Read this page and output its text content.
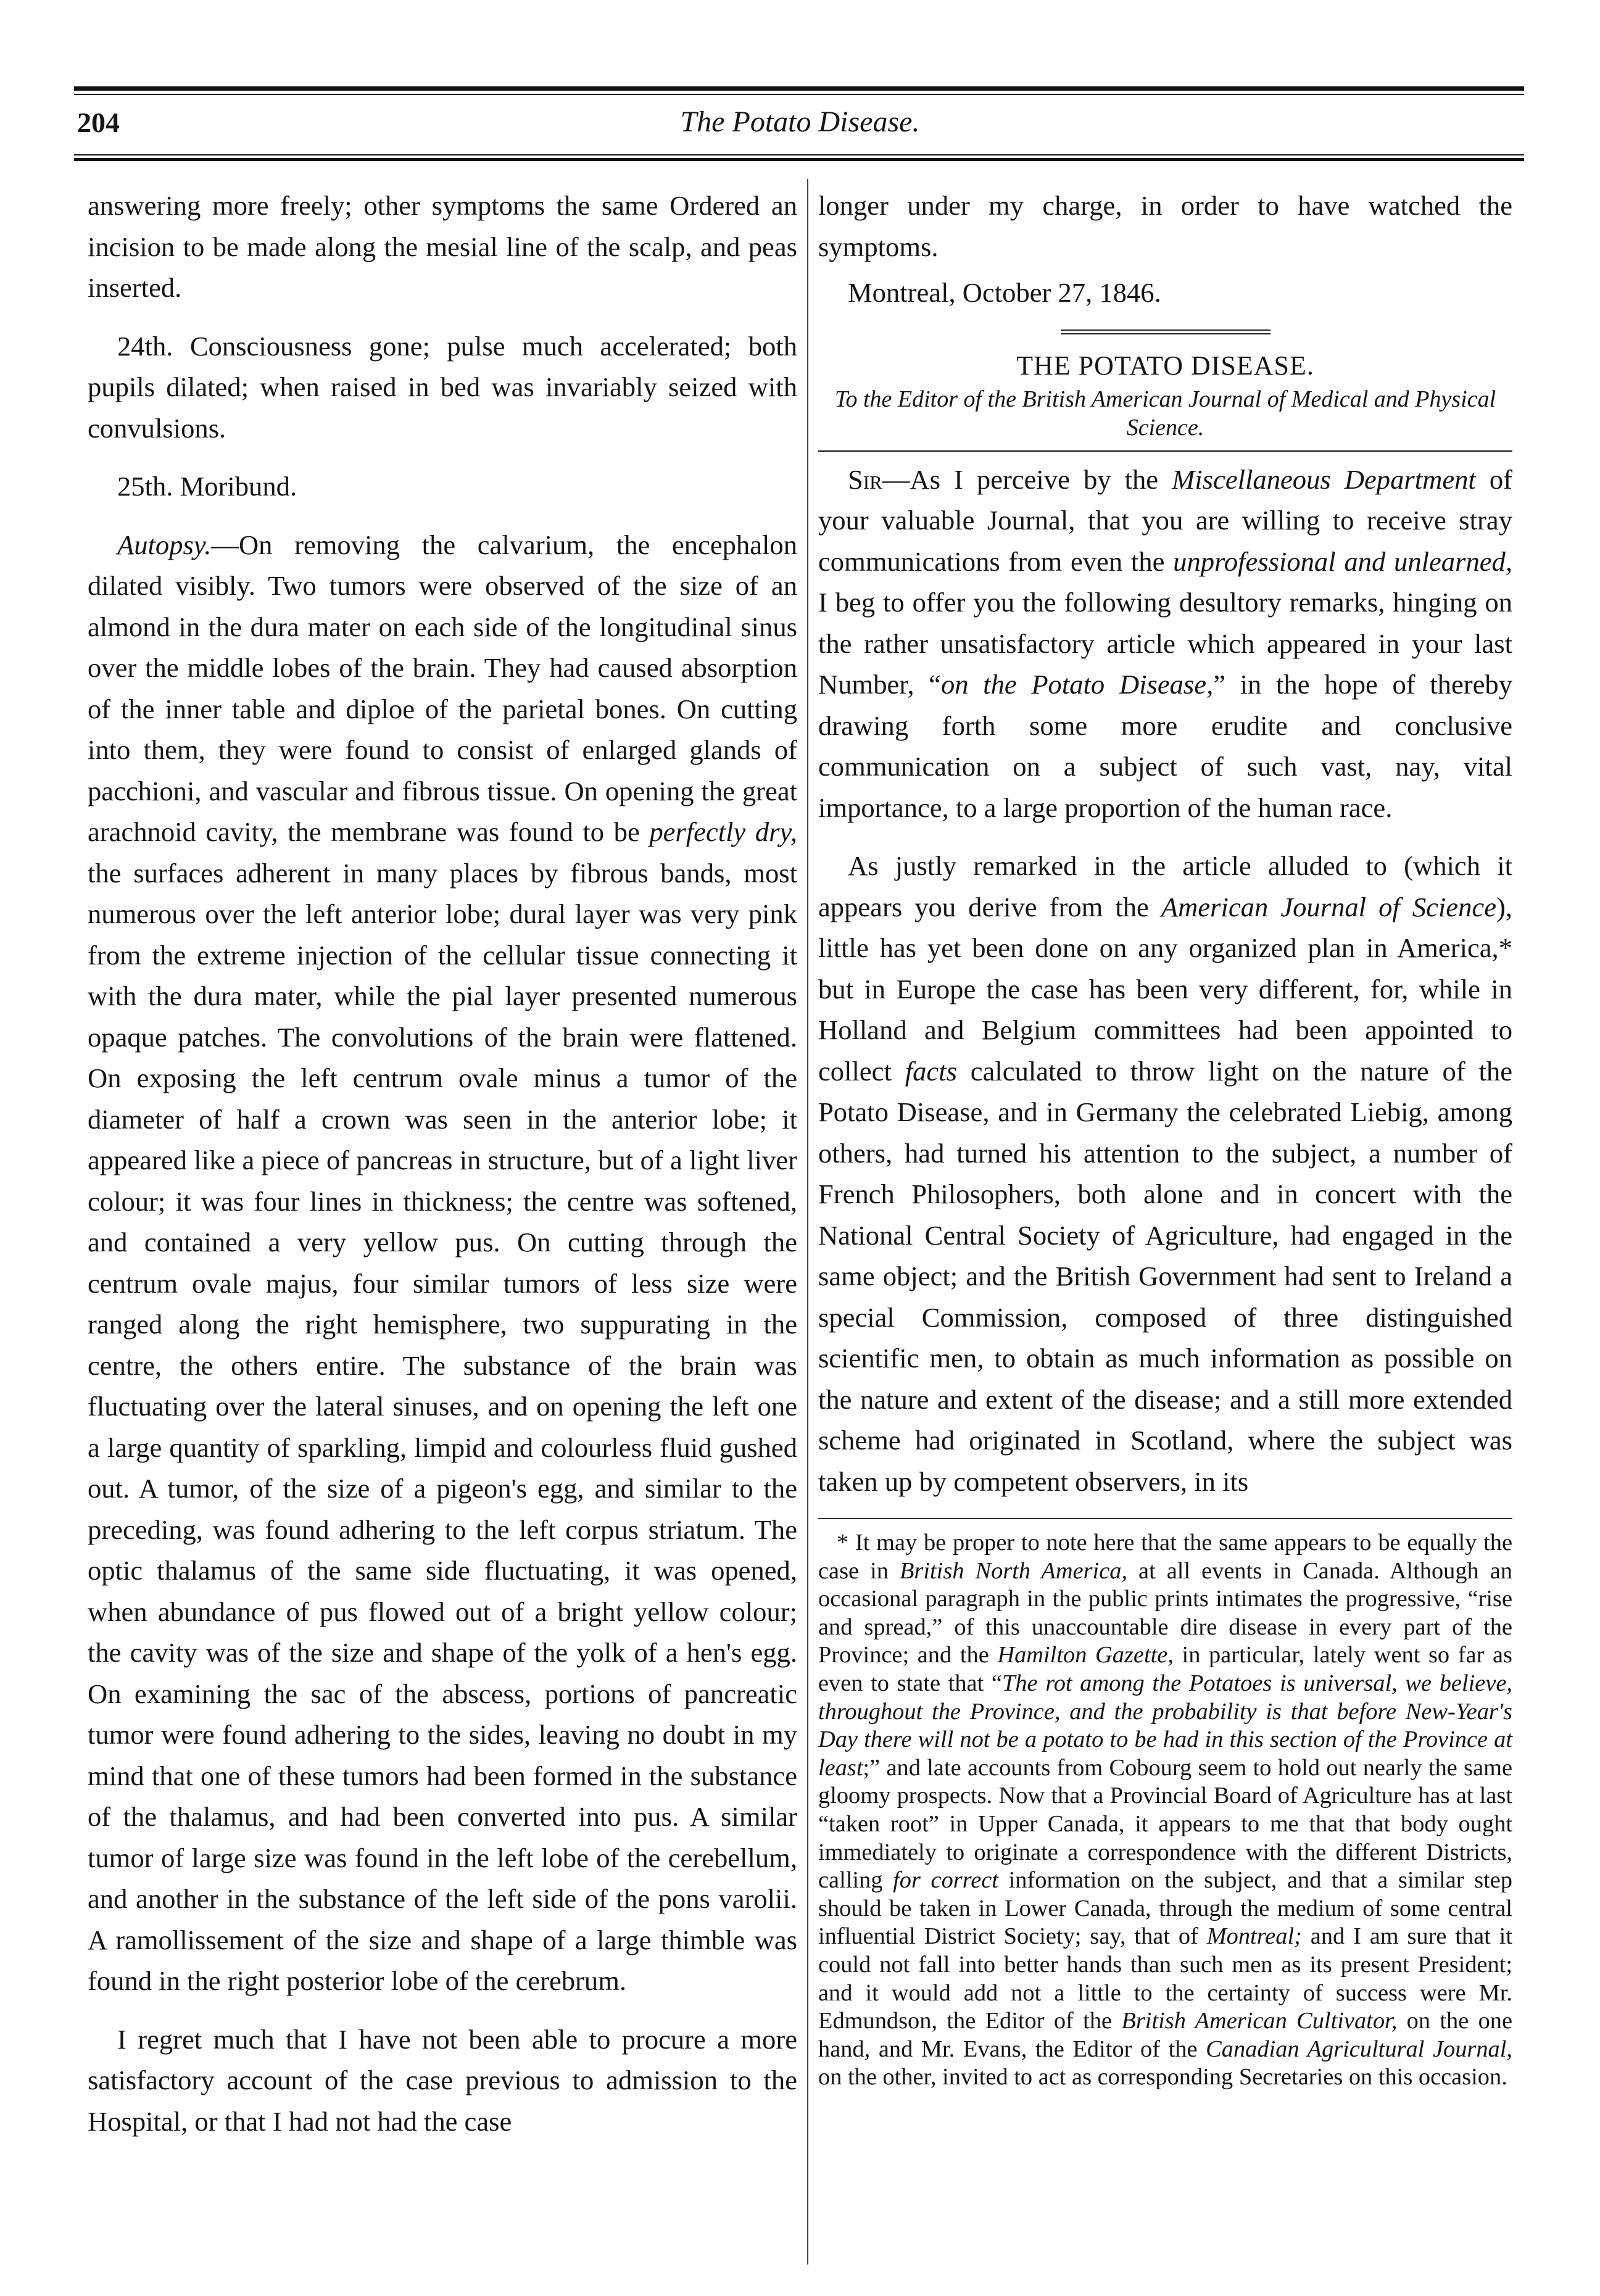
204	The Potato Disease.

answering more freely; other symptoms the same Ordered an incision to be made along the mesial line of the scalp, and peas inserted.

24th. Consciousness gone; pulse much accelerated; both pupils dilated; when raised in bed was invariably seized with convulsions.

25th. Moribund.

Autopsy.—On removing the calvarium, the encephalon dilated visibly. Two tumors were observed of the size of an almond in the dura mater on each side of the longitudinal sinus over the middle lobes of the brain. They had caused absorption of the inner table and diploe of the parietal bones. On cutting into them, they were found to consist of enlarged glands of pacchioni, and vascular and fibrous tissue. On opening the great arachnoid cavity, the membrane was found to be perfectly dry, the surfaces adherent in many places by fibrous bands, most numerous over the left anterior lobe; dural layer was very pink from the extreme injection of the cellular tissue connecting it with the dura mater, while the pial layer presented numerous opaque patches. The convolutions of the brain were flattened. On exposing the left centrum ovale minus a tumor of the diameter of half a crown was seen in the anterior lobe; it appeared like a piece of pancreas in structure, but of a light liver colour; it was four lines in thickness; the centre was softened, and contained a very yellow pus. On cutting through the centrum ovale majus, four similar tumors of less size were ranged along the right hemisphere, two suppurating in the centre, the others entire. The substance of the brain was fluctuating over the lateral sinuses, and on opening the left one a large quantity of sparkling, limpid and colourless fluid gushed out. A tumor, of the size of a pigeon's egg, and similar to the preceding, was found adhering to the left corpus striatum. The optic thalamus of the same side fluctuating, it was opened, when abundance of pus flowed out of a bright yellow colour; the cavity was of the size and shape of the yolk of a hen's egg. On examining the sac of the abscess, portions of pancreatic tumor were found adhering to the sides, leaving no doubt in my mind that one of these tumors had been formed in the substance of the thalamus, and had been converted into pus. A similar tumor of large size was found in the left lobe of the cerebellum, and another in the substance of the left side of the pons varolii. A ramollissement of the size and shape of a large thimble was found in the right posterior lobe of the cerebrum.

I regret much that I have not been able to procure a more satisfactory account of the case previous to admission to the Hospital, or that I had not had the case

longer under my charge, in order to have watched the symptoms.

Montreal, October 27, 1846.

THE POTATO DISEASE.

To the Editor of the British American Journal of Medical and Physical Science.

Sir—As I perceive by the Miscellaneous Department of your valuable Journal, that you are willing to receive stray communications from even the unprofessional and unlearned, I beg to offer you the following desultory remarks, hinging on the rather unsatisfactory article which appeared in your last Number, “on the Potato Disease,” in the hope of thereby drawing forth some more erudite and conclusive communication on a subject of such vast, nay, vital importance, to a large proportion of the human race.

As justly remarked in the article alluded to (which it appears you derive from the American Journal of Science), little has yet been done on any organized plan in America,* but in Europe the case has been very different, for, while in Holland and Belgium committees had been appointed to collect facts calculated to throw light on the nature of the Potato Disease, and in Germany the celebrated Liebig, among others, had turned his attention to the subject, a number of French Philosophers, both alone and in concert with the National Central Society of Agriculture, had engaged in the same object; and the British Government had sent to Ireland a special Commission, composed of three distinguished scientific men, to obtain as much information as possible on the nature and extent of the disease; and a still more extended scheme had originated in Scotland, where the subject was taken up by competent observers, in its

* It may be proper to note here that the same appears to be equally the case in British North America, at all events in Canada. Although an occasional paragraph in the public prints intimates the progressive, “rise and spread,” of this unaccountable dire disease in every part of the Province; and the Hamilton Gazette, in particular, lately went so far as even to state that “The rot among the Potatoes is universal, we believe, throughout the Province, and the probability is that before New-Year's Day there will not be a potato to be had in this section of the Province at least;” and late accounts from Cobourg seem to hold out nearly the same gloomy prospects. Now that a Provincial Board of Agriculture has at last “taken root” in Upper Canada, it appears to me that that body ought immediately to originate a correspondence with the different Districts, calling for correct information on the subject, and that a similar step should be taken in Lower Canada, through the medium of some central influential District Society; say, that of Montreal; and I am sure that it could not fall into better hands than such men as its present President; and it would add not a little to the certainty of success were Mr. Edmundson, the Editor of the British American Cultivator, on the one hand, and Mr. Evans, the Editor of the Canadian Agricultural Journal, on the other, invited to act as corresponding Secretaries on this occasion.
